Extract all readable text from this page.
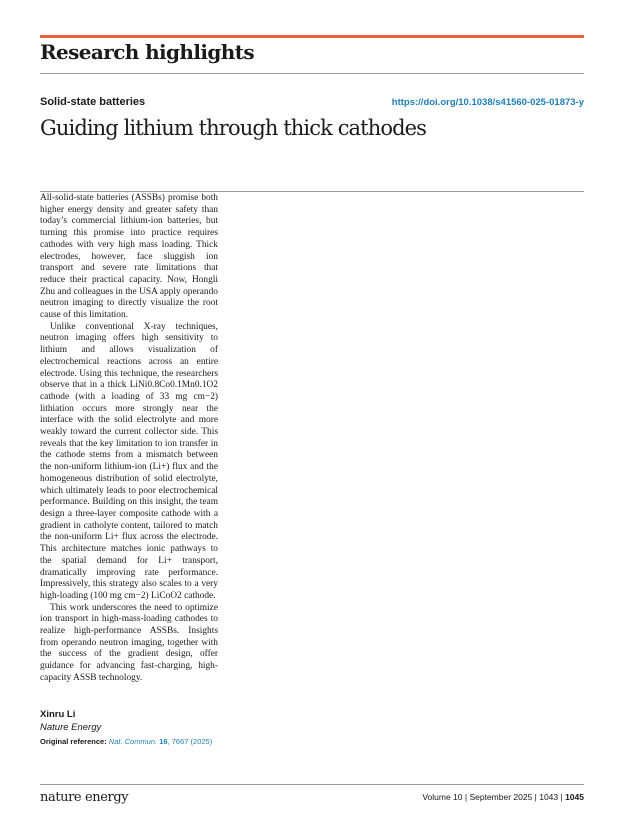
Research highlights
Solid-state batteries	https://doi.org/10.1038/s41560-025-01873-y
Guiding lithium through thick cathodes

All-solid-state batteries (ASSBs) promise both higher energy density and greater safety than today’s commercial lithium-ion batteries, but turning this promise into practice requires cathodes with very high mass loading. Thick electrodes, however, face sluggish ion transport and severe rate limitations that reduce their practical capacity. Now, Hongli Zhu and colleagues in the USA apply operando neutron imaging to directly visualize the root cause of this limitation.

Unlike conventional X-ray techniques, neutron imaging offers high sensitivity to lithium and allows visualization of electrochemical reactions across an entire electrode. Using this technique, the researchers observe that in a thick LiNi0.8Co0.1Mn0.1O2 cathode (with a loading of 33 mg cm−2) lithiation occurs more strongly near the interface with the solid electrolyte and more weakly toward the current collector side. This reveals that the key limitation to ion transfer in the cathode stems from a mismatch between the non-uniform lithium-ion (Li+) flux and the homogeneous distribution of solid electrolyte, which ultimately leads to poor electrochemical performance. Building on this insight, the team design a three-layer composite cathode with a gradient in catholyte content, tailored to match the non-uniform Li+ flux across the electrode. This architecture matches ionic pathways to the spatial demand for Li+ transport, dramatically improving rate performance. Impressively, this strategy also scales to a very high-loading (100 mg cm−2) LiCoO2 cathode.

This work underscores the need to optimize ion transport in high-mass-loading cathodes to realize high-performance ASSBs. Insights from operando neutron imaging, together with the success of the gradient design, offer guidance for advancing fast-charging, high-capacity ASSB technology.

Xinru Li
Nature Energy
Original reference: Nat. Commun. 16, 7667 (2025)
nature energy	Volume 10 | September 2025 | 1043 | 1045
